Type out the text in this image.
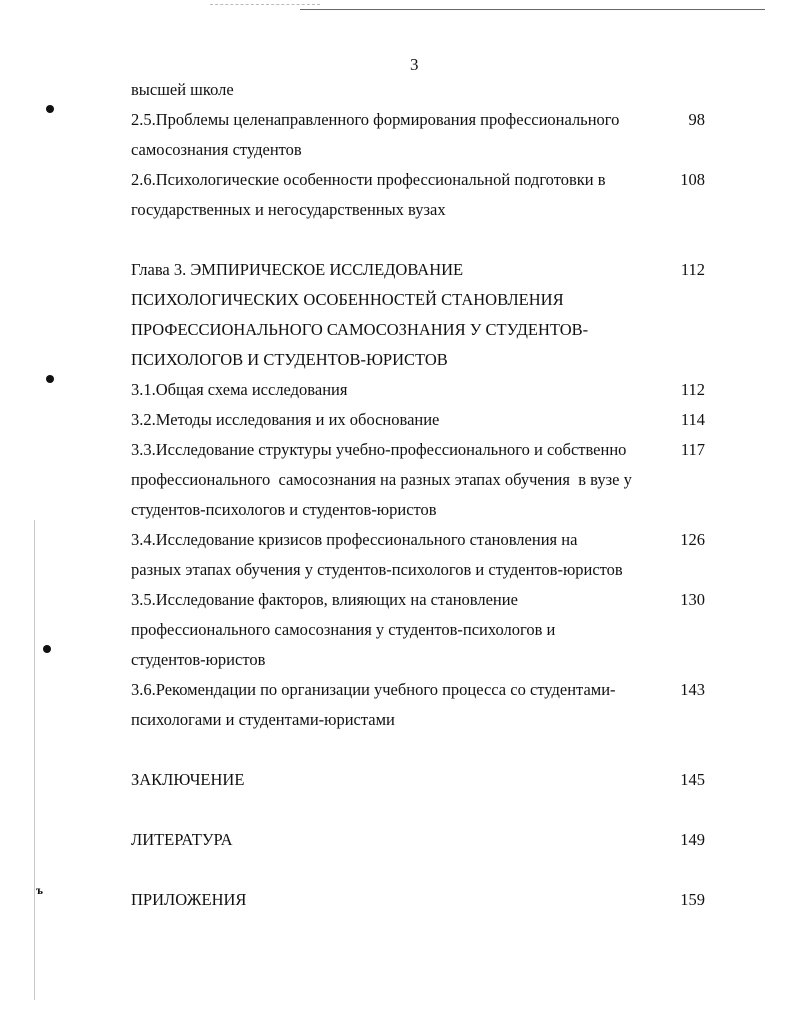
ъ
3
высшей школе
2.5.Проблемы целенаправленного формирования профессионального	98
самосознания студентов
2.6.Психологические особенности профессиональной подготовки в	108
государственных и негосударственных вузах
Глава 3. ЭМПИРИЧЕСКОЕ ИССЛЕДОВАНИЕ	112
ПСИХОЛОГИЧЕСКИХ ОСОБЕННОСТЕЙ СТАНОВЛЕНИЯ
ПРОФЕССИОНАЛЬНОГО САМОСОЗНАНИЯ У СТУДЕНТОВ-
ПСИХОЛОГОВ И СТУДЕНТОВ-ЮРИСТОВ
3.1.Общая схема исследования	112
3.2.Методы исследования и их обоснование	114
3.3.Исследование структуры учебно-профессионального и собственно	117
профессионального  самосознания на разных этапах обучения  в вузе у
студентов-психологов и студентов-юристов
3.4.Исследование кризисов профессионального становления на	126
разных этапах обучения у студентов-психологов и студентов-юристов
3.5.Исследование факторов, влияющих на становление	130
профессионального самосознания у студентов-психологов и
студентов-юристов
3.6.Рекомендации по организации учебного процесса со студентами-	143
психологами и студентами-юристами
ЗАКЛЮЧЕНИЕ	145
ЛИТЕРАТУРА	149
ПРИЛОЖЕНИЯ	159
